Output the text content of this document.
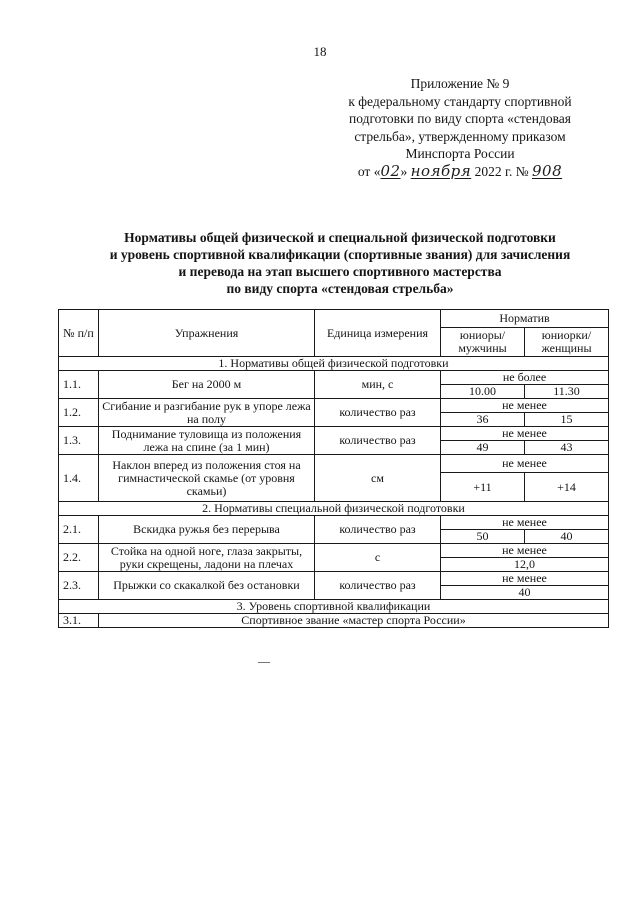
18
Приложение № 9
к федеральному стандарту спортивной
подготовки по виду спорта «стендовая
стрельба», утвержденному приказом
Минспорта России
от «02» ноября 2022 г. № 908
Нормативы общей физической и специальной физической подготовки
и уровень спортивной квалификации (спортивные звания) для зачисления
и перевода на этап высшего спортивного мастерства
по виду спорта «стендовая стрельба»
№ п/п	Упражнения	Единица измерения	Норматив	
			юниоры/ мужчины	юниорки/ женщины
1. Нормативы общей физической подготовки				
1.1.	Бег на 2000 м	мин, с	не более	
			10.00	11.30
1.2.	Сгибание и разгибание рук в упоре лежа на полу	количество раз	не менее	
			36	15
1.3.	Поднимание туловища из положения лежа на спине (за 1 мин)	количество раз	не менее	
			49	43
1.4.	Наклон вперед из положения стоя на гимнастической скамье (от уровня скамьи)	см	не менее	
			+11	+14
2. Нормативы специальной физической подготовки				
2.1.	Вскидка ружья без перерыва	количество раз	не менее	
			50	40
2.2.	Стойка на одной ноге, глаза закрыты, руки скрещены, ладони на плечах	с	не менее	
			12,0	
2.3.	Прыжки со скакалкой без остановки	количество раз	не менее	
			40	
3. Уровень спортивной квалификации				
3.1.	Спортивное звание «мастер спорта России»			
